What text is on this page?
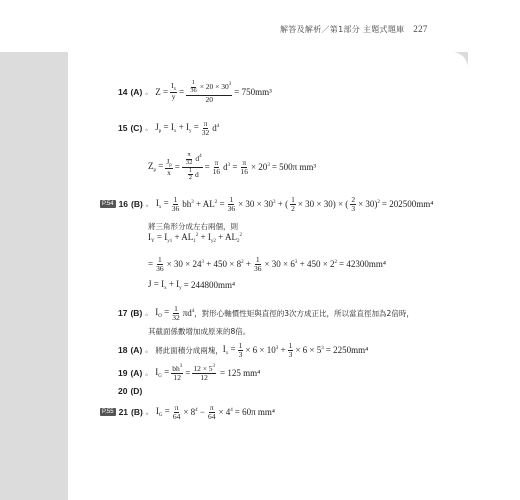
解答及解析／第1部分 主題式題庫 227
14 (A) 。 $Z = \frac{I_x}{y} = \frac{\frac{1}{36} \times 20 \times 30^3}{20} = 750mm^3$
15 (C) 。 $J_p = I_x + I_y = \frac{\pi}{32} d^4$
$Z_p = \frac{J_p}{x} = \frac{\frac{\pi}{32} d^4}{\frac{1}{2} d} = \frac{\pi}{16} d^3 = \frac{\pi}{16} \times 20^3 = 500\pi$ mm³
P.54 16 (B) 。 $I_x = \frac{1}{36} bh^3 + AL^2 = \frac{1}{36} \times 30 \times 30^3$ + ( $\frac{1}{2} \times 30 \times 30$) × ( $\frac{2}{3} \times 30)^2 = 202500mm^4$
將三角形分成左右兩個，則
$I_Y = I_{y1} + AL_1^2 + I_{y2} + AL_2^2$
= $\frac{1}{36} \times 30 \times 24^3 + 450 \times 8^2 + \frac{1}{36} \times 30 \times 6^3 + 450 \times 2^2 = 42300mm^4$
$J = I_x + I_y = 244800mm^4$
17 (B) 。 $I_O = \frac{1}{32} \pi d^4$ ，對形心軸慣性矩與直徑的3次方成正比，所以當直徑加為2倍時，
其截面係數增加成原來的8倍。
18 (A) 。 將此面積分成兩塊， $I_x = \frac{1}{3} \times 6 \times 10^3 + \frac{1}{3} \times 6 \times 5^3 = 2250mm^4$
19 (A) 。 $I_G = \frac{bh^3}{12} = \frac{12 \times 5^3}{12} = 125$ mm⁴
20 (D)
P.55 21 (B) 。 $I_G = \frac{\pi}{64} \times 8^4 - \frac{\pi}{64} \times 4^4 = 60\pi$ mm⁴
